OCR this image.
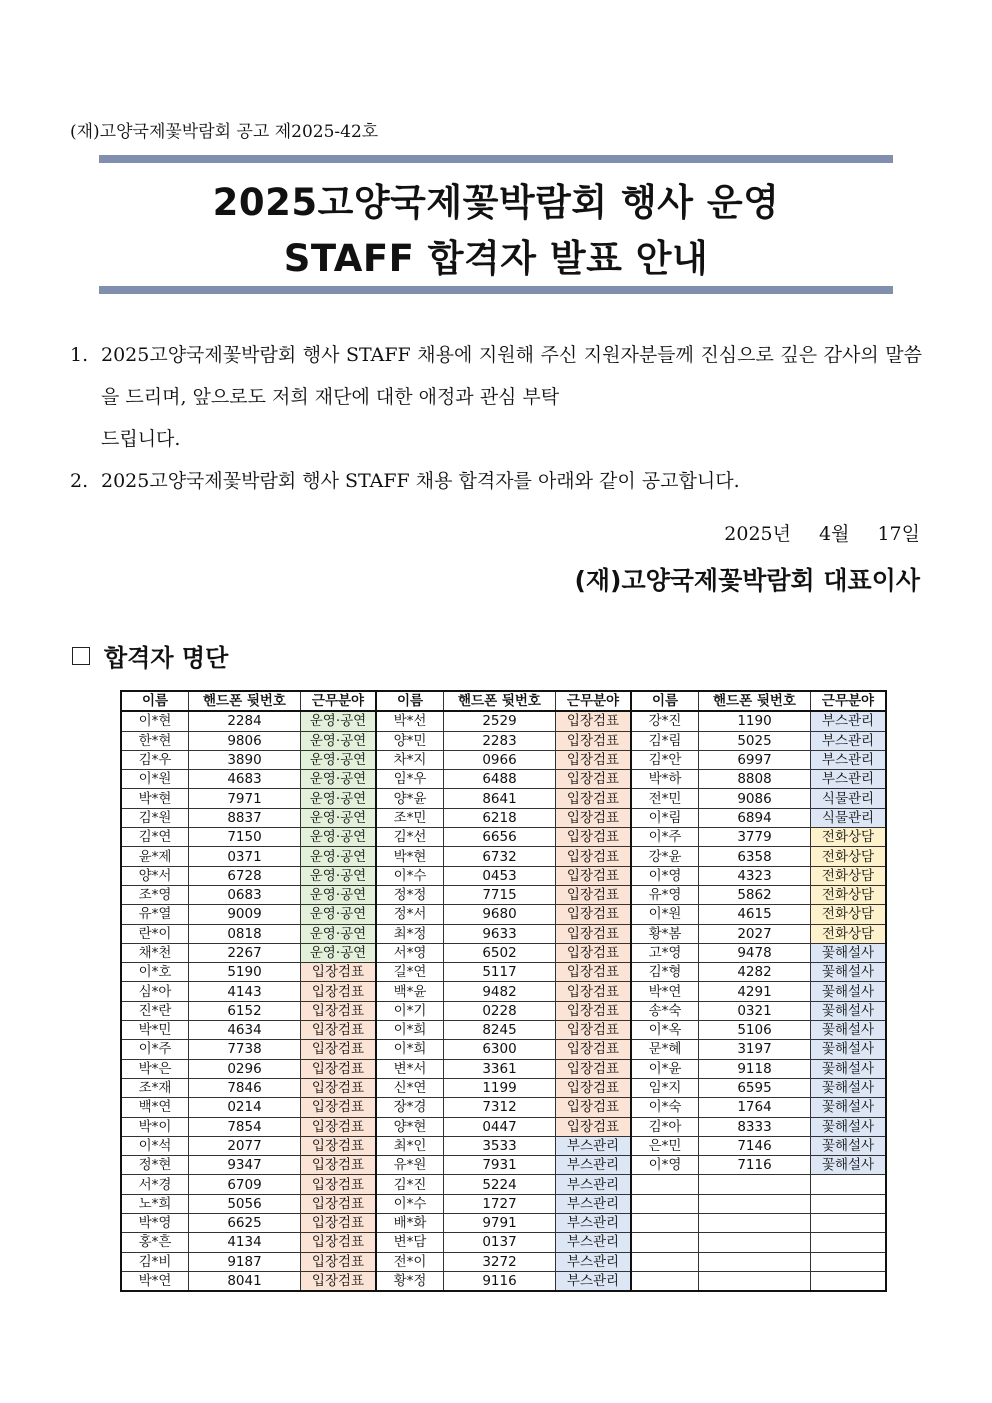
(재)고양국제꽃박람회 공고 제2025-42호
2025고양국제꽃박람회 행사 운영
STAFF 합격자 발표 안내
1. 2025고양국제꽃박람회 행사 STAFF 채용에 지원해 주신 지원자분들께 진심으로 깊은 감사의 말씀을 드리며, 앞으로도 저희 재단에 대한 애정과 관심 부탁
드립니다.
2. 2025고양국제꽃박람회 행사 STAFF 채용 합격자를 아래와 같이 공고합니다.
2025년 4월 17일
(재)고양국제꽃박람회 대표이사
합격자 명단
이름	핸드폰 뒷번호	근무분야	이름	핸드폰 뒷번호	근무분야	이름	핸드폰 뒷번호	근무분야
이*현	2284	운영·공연	박*선	2529	입장검표	강*진	1190	부스관리
한*현	9806	운영·공연	양*민	2283	입장검표	김*림	5025	부스관리
김*우	3890	운영·공연	차*지	0966	입장검표	김*안	6997	부스관리
이*원	4683	운영·공연	임*우	6488	입장검표	박*하	8808	부스관리
박*현	7971	운영·공연	양*윤	8641	입장검표	전*민	9086	식물관리
김*원	8837	운영·공연	조*민	6218	입장검표	이*림	6894	식물관리
김*연	7150	운영·공연	김*선	6656	입장검표	이*주	3779	전화상담
윤*제	0371	운영·공연	박*현	6732	입장검표	강*윤	6358	전화상담
양*서	6728	운영·공연	이*수	0453	입장검표	이*영	4323	전화상담
조*영	0683	운영·공연	정*정	7715	입장검표	유*영	5862	전화상담
유*열	9009	운영·공연	정*서	9680	입장검표	이*원	4615	전화상담
란*이	0818	운영·공연	최*정	9633	입장검표	황*봄	2027	전화상담
채*천	2267	운영·공연	서*영	6502	입장검표	고*영	9478	꽃해설사
이*호	5190	입장검표	길*연	5117	입장검표	김*형	4282	꽃해설사
심*아	4143	입장검표	백*윤	9482	입장검표	박*연	4291	꽃해설사
진*란	6152	입장검표	이*기	0228	입장검표	송*숙	0321	꽃해설사
박*민	4634	입장검표	이*희	8245	입장검표	이*옥	5106	꽃해설사
이*주	7738	입장검표	이*희	6300	입장검표	문*혜	3197	꽃해설사
박*은	0296	입장검표	변*서	3361	입장검표	이*윤	9118	꽃해설사
조*재	7846	입장검표	신*연	1199	입장검표	임*지	6595	꽃해설사
백*연	0214	입장검표	장*경	7312	입장검표	이*숙	1764	꽃해설사
박*이	7854	입장검표	양*현	0447	입장검표	김*아	8333	꽃해설사
이*석	2077	입장검표	최*인	3533	부스관리	은*민	7146	꽃해설사
정*현	9347	입장검표	유*원	7931	부스관리	이*영	7116	꽃해설사
서*경	6709	입장검표	김*진	5224	부스관리			
노*희	5056	입장검표	이*수	1727	부스관리			
박*영	6625	입장검표	배*화	9791	부스관리			
홍*흔	4134	입장검표	변*담	0137	부스관리			
김*비	9187	입장검표	전*이	3272	부스관리			
박*연	8041	입장검표	황*정	9116	부스관리			
